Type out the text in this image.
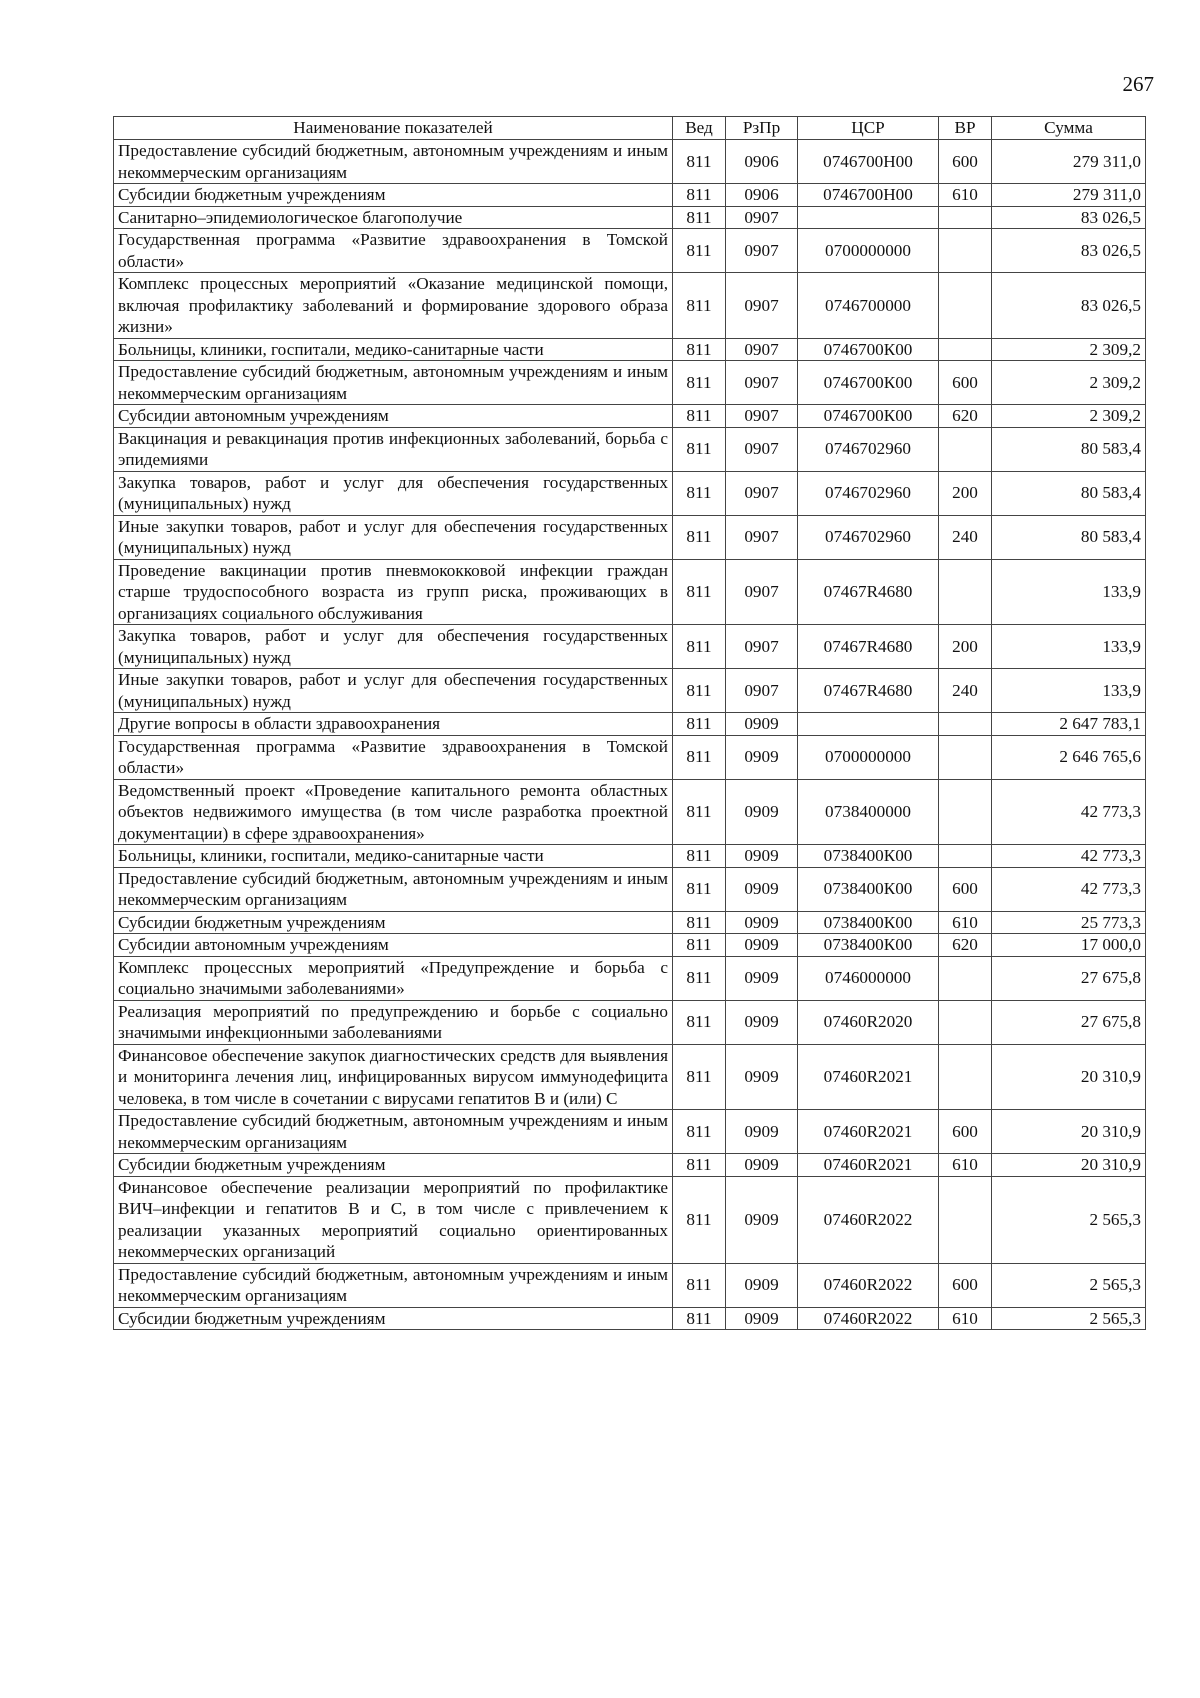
267
Наименование показателей	Вед	РзПр	ЦСР	ВР	Сумма
Предоставление субсидий бюджетным, автономным учреждениям и иным некоммерческим организациям	811	0906	0746700Н00	600	279 311,0
Субсидии бюджетным учреждениям	811	0906	0746700Н00	610	279 311,0
Санитарно–эпидемиологическое благополучие	811	0907			83 026,5
Государственная программа «Развитие здравоохранения в Томской области»	811	0907	0700000000		83 026,5
Комплекс процессных мероприятий «Оказание медицинской помощи, включая профилактику заболеваний и формирование здорового образа жизни»	811	0907	0746700000		83 026,5
Больницы, клиники, госпитали, медико-санитарные части	811	0907	0746700К00		2 309,2
Предоставление субсидий бюджетным, автономным учреждениям и иным некоммерческим организациям	811	0907	0746700К00	600	2 309,2
Субсидии автономным учреждениям	811	0907	0746700К00	620	2 309,2
Вакцинация и ревакцинация против инфекционных заболеваний, борьба с эпидемиями	811	0907	0746702960		80 583,4
Закупка товаров, работ и услуг для обеспечения государственных (муниципальных) нужд	811	0907	0746702960	200	80 583,4
Иные закупки товаров, работ и услуг для обеспечения государственных (муниципальных) нужд	811	0907	0746702960	240	80 583,4
Проведение вакцинации против пневмококковой инфекции граждан старше трудоспособного возраста из групп риска, проживающих в организациях социального обслуживания	811	0907	07467R4680		133,9
Закупка товаров, работ и услуг для обеспечения государственных (муниципальных) нужд	811	0907	07467R4680	200	133,9
Иные закупки товаров, работ и услуг для обеспечения государственных (муниципальных) нужд	811	0907	07467R4680	240	133,9
Другие вопросы в области здравоохранения	811	0909			2 647 783,1
Государственная программа «Развитие здравоохранения в Томской области»	811	0909	0700000000		2 646 765,6
Ведомственный проект «Проведение капитального ремонта областных объектов недвижимого имущества (в том числе разработка проектной документации) в сфере здравоохранения»	811	0909	0738400000		42 773,3
Больницы, клиники, госпитали, медико-санитарные части	811	0909	0738400К00		42 773,3
Предоставление субсидий бюджетным, автономным учреждениям и иным некоммерческим организациям	811	0909	0738400К00	600	42 773,3
Субсидии бюджетным учреждениям	811	0909	0738400К00	610	25 773,3
Субсидии автономным учреждениям	811	0909	0738400К00	620	17 000,0
Комплекс процессных мероприятий «Предупреждение и борьба с социально значимыми заболеваниями»	811	0909	0746000000		27 675,8
Реализация мероприятий по предупреждению и борьбе с социально значимыми инфекционными заболеваниями	811	0909	07460R2020		27 675,8
Финансовое обеспечение закупок диагностических средств для выявления и мониторинга лечения лиц, инфицированных вирусом иммунодефицита человека, в том числе в сочетании с вирусами гепатитов B и (или) C	811	0909	07460R2021		20 310,9
Предоставление субсидий бюджетным, автономным учреждениям и иным некоммерческим организациям	811	0909	07460R2021	600	20 310,9
Субсидии бюджетным учреждениям	811	0909	07460R2021	610	20 310,9
Финансовое обеспечение реализации мероприятий по профилактике ВИЧ–инфекции и гепатитов B и C, в том числе с привлечением к реализации указанных мероприятий социально ориентированных некоммерческих организаций	811	0909	07460R2022		2 565,3
Предоставление субсидий бюджетным, автономным учреждениям и иным некоммерческим организациям	811	0909	07460R2022	600	2 565,3
Субсидии бюджетным учреждениям	811	0909	07460R2022	610	2 565,3
